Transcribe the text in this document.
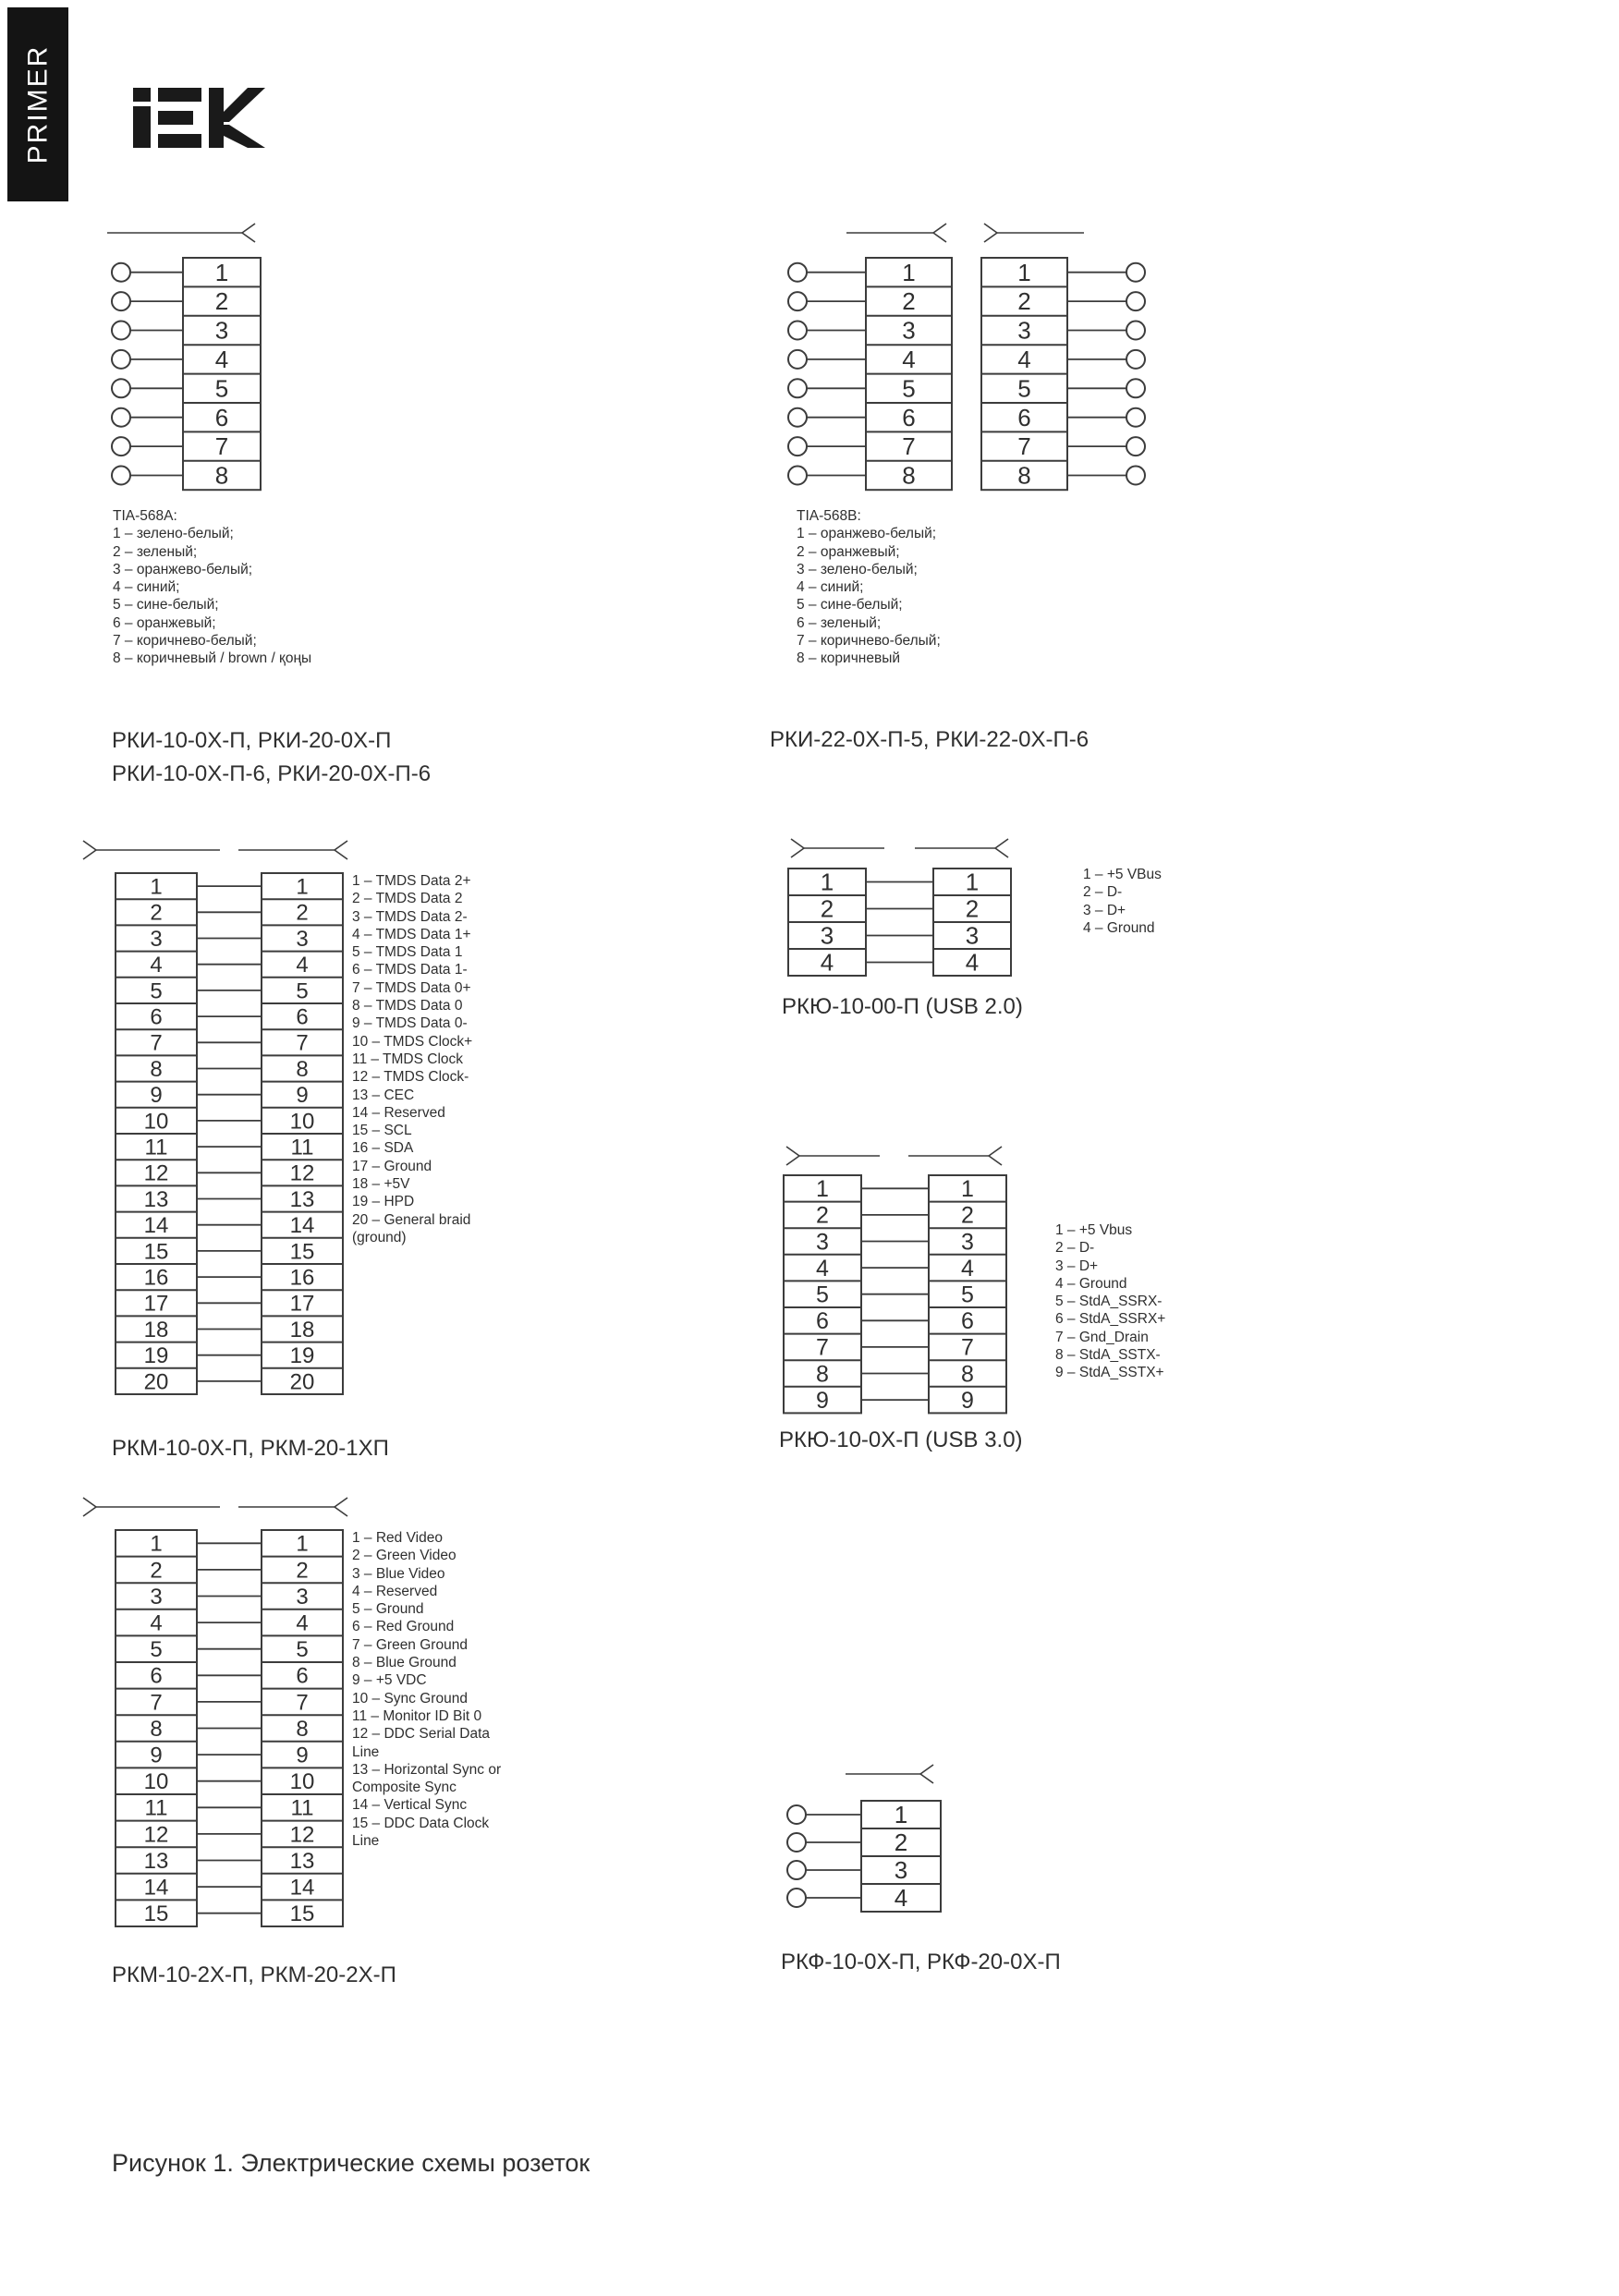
PRIMER
1
2
3
4
5
6
7
8
1
2
3
4
5
6
7
8
1
2
3
4
5
6
7
8
1
2
3
4
5
6
7
8
9
10
11
12
13
14
15
16
17
18
19
20
1
2
3
4
5
6
7
8
9
10
11
12
13
14
15
16
17
18
19
20
1
2
3
4
1
2
3
4
1
2
3
4
5
6
7
8
9
1
2
3
4
5
6
7
8
9
1
2
3
4
5
6
7
8
9
10
11
12
13
14
15
1
2
3
4
5
6
7
8
9
10
11
12
13
14
15
1
2
3
4
TIA-568A:
1 – зелено-белый;
2 – зеленый;
3 – оранжево-белый;
4 – синий;
5 – сине-белый;
6 – оранжевый;
7 – коричнево-белый;
8 – коричневый / brown / қоңы
РКИ-10-0Х-П, РКИ-20-0Х-П
РКИ-10-0Х-П-6, РКИ-20-0Х-П-6
TIA-568B:
1 – оранжево-белый;
2 – оранжевый;
3 – зелено-белый;
4 – синий;
5 – сине-белый;
6 – зеленый;
7 – коричнево-белый;
8 – коричневый
РКИ-22-0Х-П-5, РКИ-22-0Х-П-6
1 – TMDS Data 2+
2 – TMDS Data 2
3 – TMDS Data 2-
4 – TMDS Data 1+
5 – TMDS Data 1
6 – TMDS Data 1-
7 – TMDS Data 0+
8 – TMDS Data 0
9 – TMDS Data 0-
10 – TMDS Clock+
11 – TMDS Clock
12 – TMDS Clock-
13 – CEC
14 – Reserved
15 – SCL
16 – SDA
17 – Ground
18 – +5V
19 – HPD
20 – General braid
(ground)
РКМ-10-0Х-П, РКМ-20-1ХП
1 – +5 VBus
2 – D-
3 – D+
4 – Ground
РКЮ-10-00-П (USB 2.0)
1 – +5 Vbus
2 – D-
3 – D+
4 – Ground
5 – StdA_SSRX-
6 – StdA_SSRX+
7 – Gnd_Drain
8 – StdA_SSTX-
9 – StdA_SSTX+
РКЮ-10-0Х-П (USB 3.0)
1 – Red Video
2 – Green Video
3 – Blue Video
4 – Reserved
5 – Ground
6 – Red Ground
7 – Green Ground
8 – Blue Ground
9 – +5 VDC
10 – Sync Ground
11 – Monitor ID Bit 0
12 – DDC Serial Data
Line
13 – Horizontal Sync or
Composite Sync
14 – Vertical Sync
15 – DDC Data Clock
Line
РКМ-10-2Х-П, РКМ-20-2Х-П
РКФ-10-0Х-П, РКФ-20-0Х-П
Рисунок 1. Электрические схемы розеток
